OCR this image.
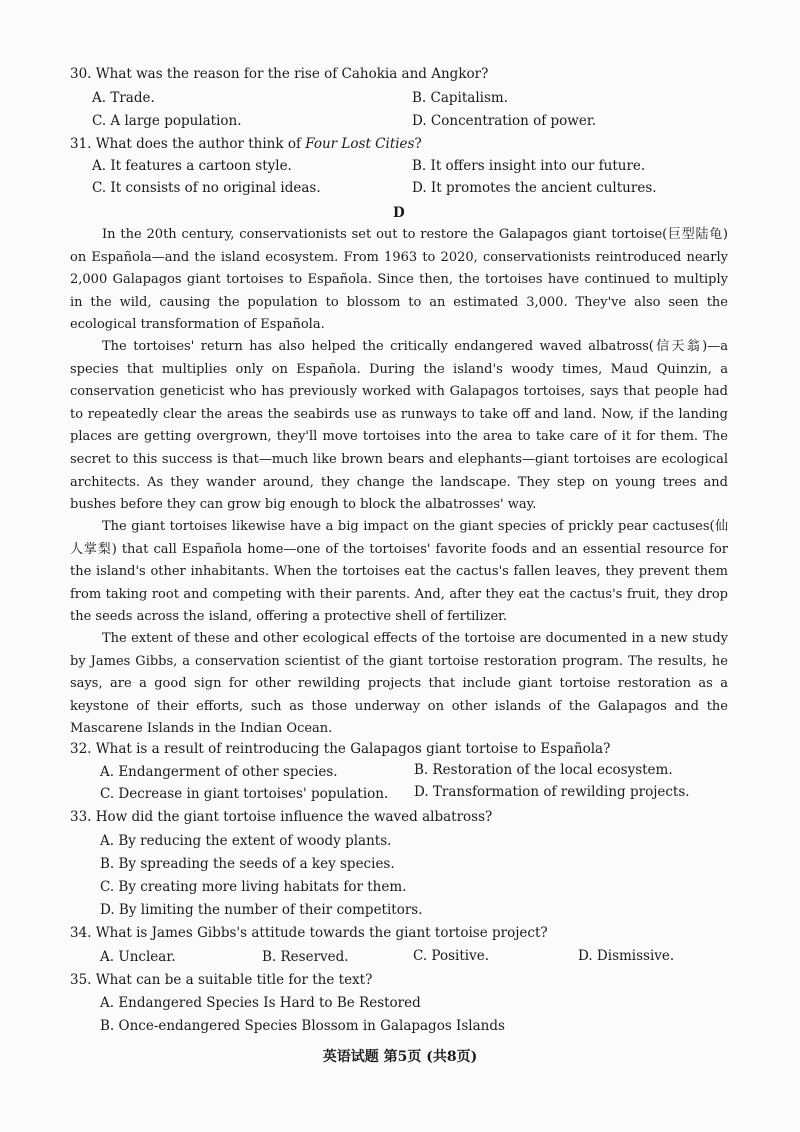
30. What was the reason for the rise of Cahokia and Angkor?
A. Trade.	B. Capitalism.
C. A large population.	D. Concentration of power.
31. What does the author think of Four Lost Cities?
A. It features a cartoon style.	B. It offers insight into our future.
C. It consists of no original ideas.	D. It promotes the ancient cultures.
D
In the 20th century, conservationists set out to restore the Galapagos giant tortoise(巨型陆龟) on Española—and the island ecosystem. From 1963 to 2020, conservationists reintroduced nearly 2,000 Galapagos giant tortoises to Española. Since then, the tortoises have continued to multiply in the wild, causing the population to blossom to an estimated 3,000. They've also seen the ecological transformation of Española.
The tortoises' return has also helped the critically endangered waved albatross(信天翁)—a species that multiplies only on Española. During the island's woody times, Maud Quinzin, a conservation geneticist who has previously worked with Galapagos tortoises, says that people had to repeatedly clear the areas the seabirds use as runways to take off and land. Now, if the landing places are getting overgrown, they'll move tortoises into the area to take care of it for them. The secret to this success is that—much like brown bears and elephants—giant tortoises are ecological architects. As they wander around, they change the landscape. They step on young trees and bushes before they can grow big enough to block the albatrosses' way.
The giant tortoises likewise have a big impact on the giant species of prickly pear cactuses(仙人掌梨) that call Española home—one of the tortoises' favorite foods and an essential resource for the island's other inhabitants. When the tortoises eat the cactus's fallen leaves, they prevent them from taking root and competing with their parents. And, after they eat the cactus's fruit, they drop the seeds across the island, offering a protective shell of fertilizer.
The extent of these and other ecological effects of the tortoise are documented in a new study by James Gibbs, a conservation scientist of the giant tortoise restoration program. The results, he says, are a good sign for other rewilding projects that include giant tortoise restoration as a keystone of their efforts, such as those underway on other islands of the Galapagos and the Mascarene Islands in the Indian Ocean.
32. What is a result of reintroducing the Galapagos giant tortoise to Española?
A. Endangerment of other species.	B. Restoration of the local ecosystem.
C. Decrease in giant tortoises' population. D. Transformation of rewilding projects.
33. How did the giant tortoise influence the waved albatross?
A. By reducing the extent of woody plants.
B. By spreading the seeds of a key species.
C. By creating more living habitats for them.
D. By limiting the number of their competitors.
34. What is James Gibbs's attitude towards the giant tortoise project?
A. Unclear.	B. Reserved.	C. Positive.	D. Dismissive.
35. What can be a suitable title for the text?
A. Endangered Species Is Hard to Be Restored
B. Once-endangered Species Blossom in Galapagos Islands
英语试题 第5页 (共8页)
